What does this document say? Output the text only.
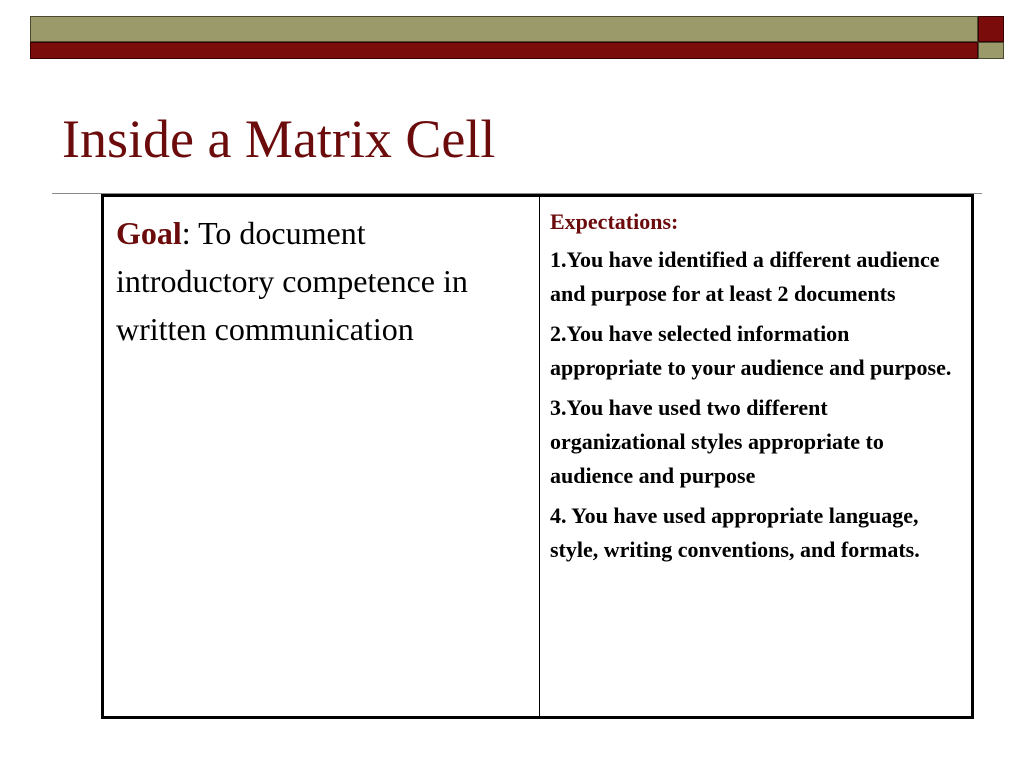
Inside a Matrix Cell
Goal: To document introductory competence in written communication
Expectations:
1.You have identified a different audience and purpose for at least 2 documents
2.You have selected information appropriate to your audience and purpose.
3.You have used two different organizational styles appropriate to audience and purpose
4. You have used appropriate language, style, writing conventions, and formats.
